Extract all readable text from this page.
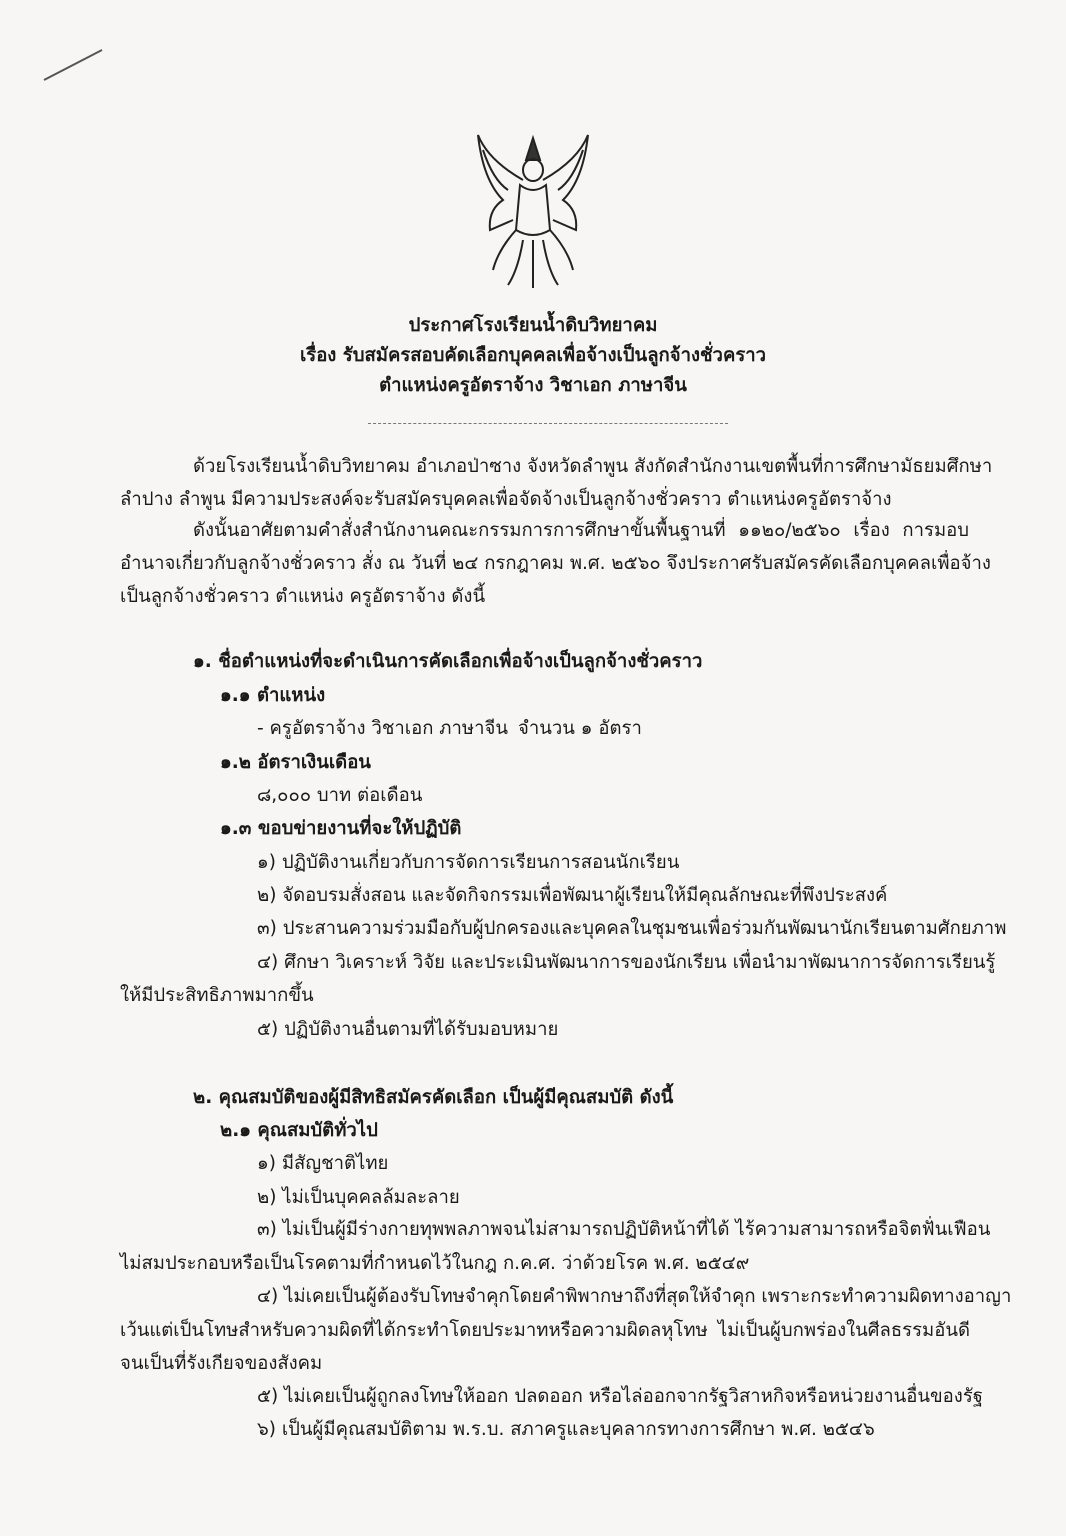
ประกาศโรงเรียนน้ำดิบวิทยาคม
เรื่อง รับสมัครสอบคัดเลือกบุคคลเพื่อจ้างเป็นลูกจ้างชั่วคราว
ตำแหน่งครูอัตราจ้าง วิชาเอก ภาษาจีน
ด้วยโรงเรียนน้ำดิบวิทยาคม อำเภอป่าซาง จังหวัดลำพูน สังกัดสำนักงานเขตพื้นที่การศึกษามัธยมศึกษา
ลำปาง ลำพูน มีความประสงค์จะรับสมัครบุคคลเพื่อจัดจ้างเป็นลูกจ้างชั่วคราว ตำแหน่งครูอัตราจ้าง
ดังนั้นอาศัยตามคำสั่งสำนักงานคณะกรรมการการศึกษาขั้นพื้นฐานที่ ๑๑๒๐/๒๕๖๐ เรื่อง การมอบ
อำนาจเกี่ยวกับลูกจ้างชั่วคราว สั่ง ณ วันที่ ๒๔ กรกฎาคม พ.ศ. ๒๕๖๐ จึงประกาศรับสมัครคัดเลือกบุคคลเพื่อจ้าง
เป็นลูกจ้างชั่วคราว ตำแหน่ง ครูอัตราจ้าง ดังนี้
๑. ชื่อตำแหน่งที่จะดำเนินการคัดเลือกเพื่อจ้างเป็นลูกจ้างชั่วคราว
๑.๑ ตำแหน่ง
- ครูอัตราจ้าง วิชาเอก ภาษาจีน จำนวน ๑ อัตรา
๑.๒ อัตราเงินเดือน
๘,๐๐๐ บาท ต่อเดือน
๑.๓ ขอบข่ายงานที่จะให้ปฏิบัติ
๑) ปฏิบัติงานเกี่ยวกับการจัดการเรียนการสอนนักเรียน
๒) จัดอบรมสั่งสอน และจัดกิจกรรมเพื่อพัฒนาผู้เรียนให้มีคุณลักษณะที่พึงประสงค์
๓) ประสานความร่วมมือกับผู้ปกครองและบุคคลในชุมชนเพื่อร่วมกันพัฒนานักเรียนตามศักยภาพ
๔) ศึกษา วิเคราะห์ วิจัย และประเมินพัฒนาการของนักเรียน เพื่อนำมาพัฒนาการจัดการเรียนรู้
ให้มีประสิทธิภาพมากขึ้น
๕) ปฏิบัติงานอื่นตามที่ได้รับมอบหมาย
๒. คุณสมบัติของผู้มีสิทธิสมัครคัดเลือก เป็นผู้มีคุณสมบัติ ดังนี้
๒.๑ คุณสมบัติทั่วไป
๑) มีสัญชาติไทย
๒) ไม่เป็นบุคคลล้มละลาย
๓) ไม่เป็นผู้มีร่างกายทุพพลภาพจนไม่สามารถปฏิบัติหน้าที่ได้ ไร้ความสามารถหรือจิตฟั่นเฟือน
ไม่สมประกอบหรือเป็นโรคตามที่กำหนดไว้ในกฎ ก.ค.ศ. ว่าด้วยโรค พ.ศ. ๒๕๔๙
๔) ไม่เคยเป็นผู้ต้องรับโทษจำคุกโดยคำพิพากษาถึงที่สุดให้จำคุก เพราะกระทำความผิดทางอาญา
เว้นแต่เป็นโทษสำหรับความผิดที่ได้กระทำโดยประมาทหรือความผิดลหุโทษ ไม่เป็นผู้บกพร่องในศีลธรรมอันดี
จนเป็นที่รังเกียจของสังคม
๕) ไม่เคยเป็นผู้ถูกลงโทษให้ออก ปลดออก หรือไล่ออกจากรัฐวิสาหกิจหรือหน่วยงานอื่นของรัฐ
๖) เป็นผู้มีคุณสมบัติตาม พ.ร.บ. สภาครูและบุคลากรทางการศึกษา พ.ศ. ๒๕๔๖
